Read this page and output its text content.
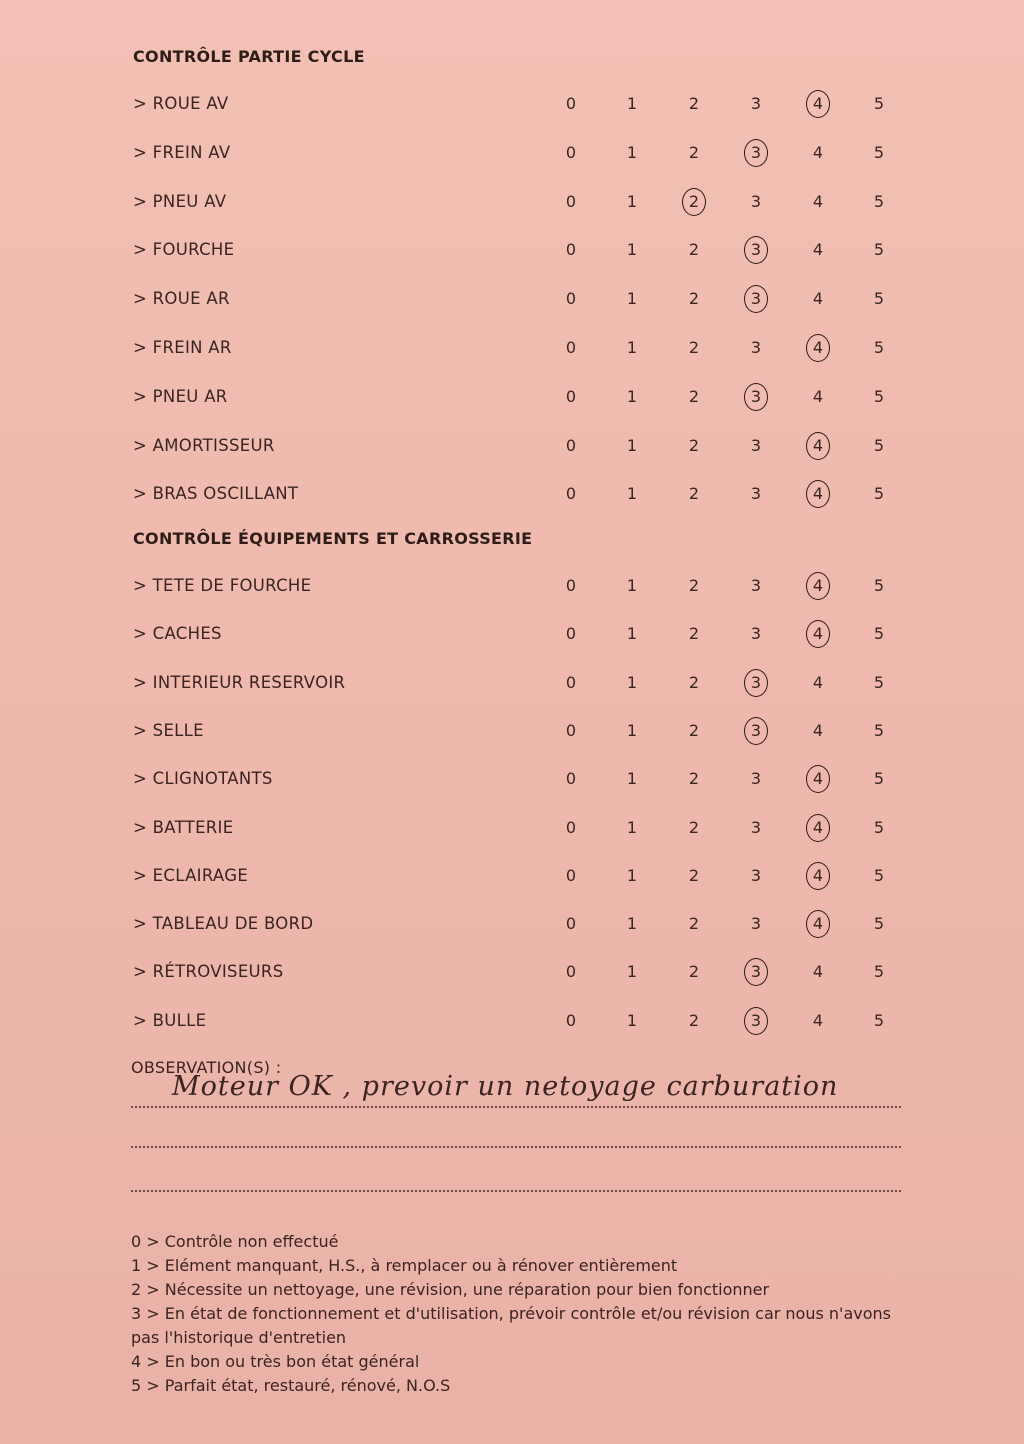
CONTRÔLE PARTIE CYCLE
> ROUE AV	0	1	2	3	4	5
> FREIN AV	0	1	2	3	4	5
> PNEU AV	0	1	2	3	4	5
> FOURCHE	0	1	2	3	4	5
> ROUE AR	0	1	2	3	4	5
> FREIN AR	0	1	2	3	4	5
> PNEU AR	0	1	2	3	4	5
> AMORTISSEUR	0	1	2	3	4	5
> BRAS OSCILLANT	0	1	2	3	4	5
CONTRÔLE ÉQUIPEMENTS ET CARROSSERIE
> TETE DE FOURCHE	0	1	2	3	4	5
> CACHES	0	1	2	3	4	5
> INTERIEUR RESERVOIR	0	1	2	3	4	5
> SELLE	0	1	2	3	4	5
> CLIGNOTANTS	0	1	2	3	4	5
> BATTERIE	0	1	2	3	4	5
> ECLAIRAGE	0	1	2	3	4	5
> TABLEAU DE BORD	0	1	2	3	4	5
> RÉTROVISEURS	0	1	2	3	4	5
> BULLE	0	1	2	3	4	5
OBSERVATION(S) :
Moteur OK , prevoir un netoyage carburation
0 > Contrôle non effectué
1 > Elément manquant, H.S., à remplacer ou à rénover entièrement
2 > Nécessite un nettoyage, une révision, une réparation pour bien fonctionner
3 > En état de fonctionnement et d'utilisation, prévoir contrôle et/ou révision car nous n'avons pas l'historique d'entretien
4 > En bon ou très bon état général
5 > Parfait état, restauré, rénové, N.O.S
